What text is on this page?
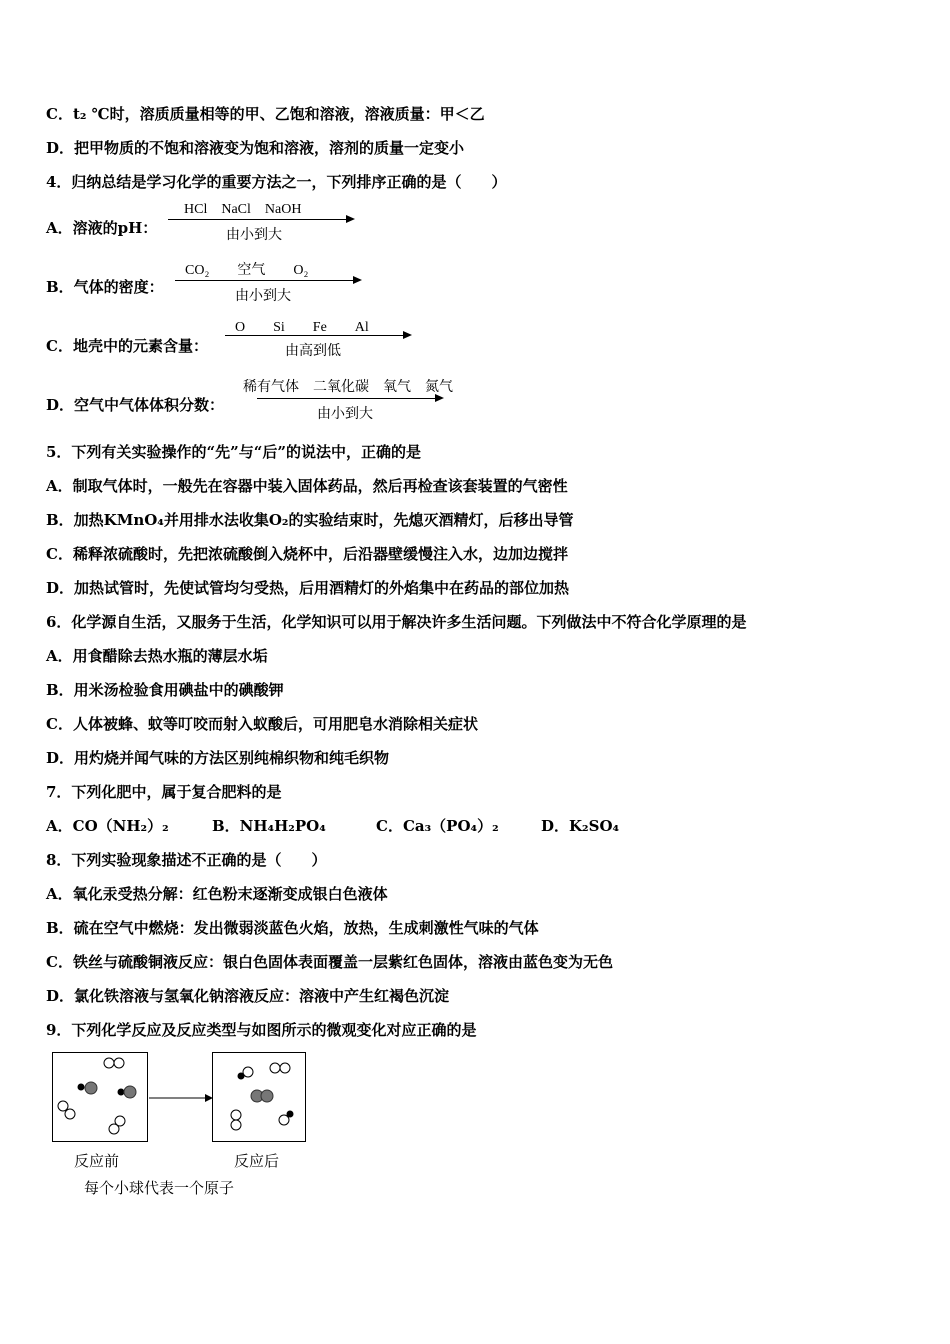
C．t₂ ℃时，溶质质量相等的甲、乙饱和溶液，溶液质量：甲＜乙
D．把甲物质的不饱和溶液变为饱和溶液，溶剂的质量一定变小
4．归纳总结是学习化学的重要方法之一，下列排序正确的是（　　）
A．溶液的pH：
HCl　NaCl　NaOH
由小到大
B．气体的密度：
CO₂　　空气　　O₂
由小到大
C．地壳中的元素含量：
O　　Si　　Fe　　Al
由高到低
D．空气中气体体积分数：
稀有气体　二氧化碳　氧气　氮气
由小到大
5．下列有关实验操作的“先”与“后”的说法中，正确的是
A．制取气体时，一般先在容器中装入固体药品，然后再检查该套装置的气密性
B．加热KMnO₄并用排水法收集O₂的实验结束时，先熄灭酒精灯，后移出导管
C．稀释浓硫酸时，先把浓硫酸倒入烧杯中，后沿器壁缓慢注入水，边加边搅拌
D．加热试管时，先使试管均匀受热，后用酒精灯的外焰集中在药品的部位加热
6．化学源自生活，又服务于生活，化学知识可以用于解决许多生活问题。下列做法中不符合化学原理的是
A．用食醋除去热水瓶的薄层水垢
B．用米汤检验食用碘盐中的碘酸钾
C．人体被蜂、蚊等叮咬而射入蚁酸后，可用肥皂水消除相关症状
D．用灼烧并闻气味的方法区别纯棉织物和纯毛织物
7．下列化肥中，属于复合肥料的是
A．CO（NH₂）₂	B．NH₄H₂PO₄	C．Ca₃（PO₄）₂	D．K₂SO₄
8．下列实验现象描述不正确的是（　　）
A．氧化汞受热分解：红色粉末逐渐变成银白色液体
B．硫在空气中燃烧：发出微弱淡蓝色火焰，放热，生成刺激性气味的气体
C．铁丝与硫酸铜液反应：银白色固体表面覆盖一层紫红色固体，溶液由蓝色变为无色
D．氯化铁溶液与氢氧化钠溶液反应：溶液中产生红褐色沉淀
9．下列化学反应及反应类型与如图所示的微观变化对应正确的是
反应前	反应后
每个小球代表一个原子
